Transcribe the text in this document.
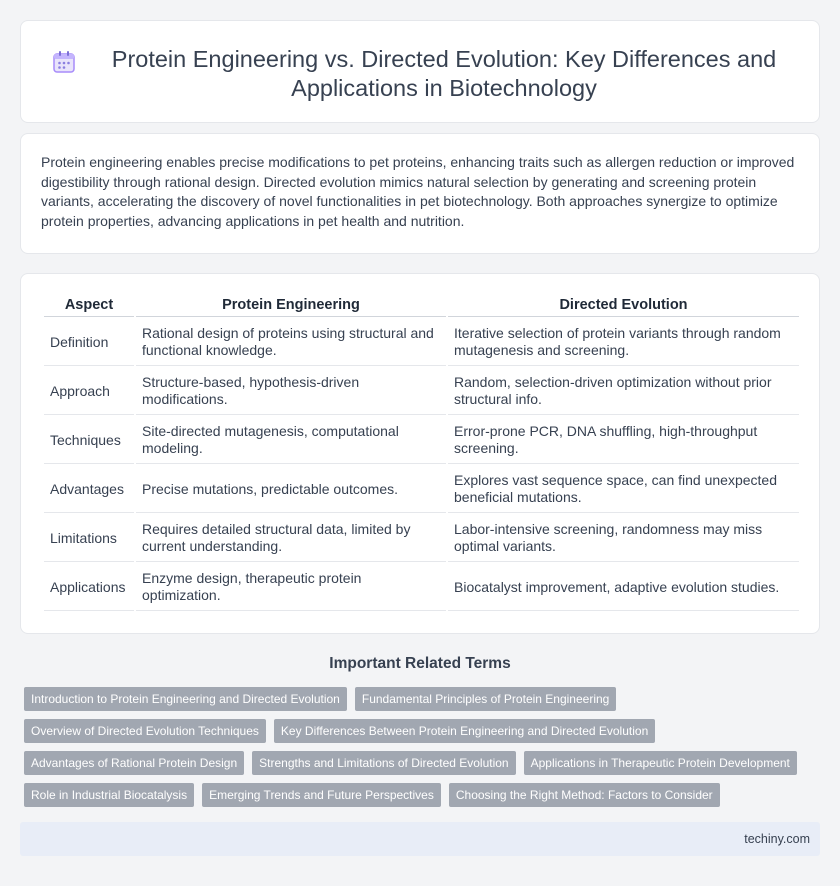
Protein Engineering vs. Directed Evolution: Key Differences and Applications in Biotechnology

Protein engineering enables precise modifications to pet proteins, enhancing traits such as allergen reduction or improved digestibility through rational design. Directed evolution mimics natural selection by generating and screening protein variants, accelerating the discovery of novel functionalities in pet biotechnology. Both approaches synergize to optimize protein properties, advancing applications in pet health and nutrition.

Aspect	Protein Engineering	Directed Evolution
Definition	Rational design of proteins using structural and functional knowledge.	Iterative selection of protein variants through random mutagenesis and screening.
Approach	Structure-based, hypothesis-driven modifications.	Random, selection-driven optimization without prior structural info.
Techniques	Site-directed mutagenesis, computational modeling.	Error-prone PCR, DNA shuffling, high-throughput screening.
Advantages	Precise mutations, predictable outcomes.	Explores vast sequence space, can find unexpected beneficial mutations.
Limitations	Requires detailed structural data, limited by current understanding.	Labor-intensive screening, randomness may miss optimal variants.
Applications	Enzyme design, therapeutic protein optimization.	Biocatalyst improvement, adaptive evolution studies.
Important Related Terms
Introduction to Protein Engineering and Directed Evolution	Fundamental Principles of Protein Engineering
Overview of Directed Evolution Techniques	Key Differences Between Protein Engineering and Directed Evolution
Advantages of Rational Protein Design	Strengths and Limitations of Directed Evolution	Applications in Therapeutic Protein Development
Role in Industrial Biocatalysis	Emerging Trends and Future Perspectives	Choosing the Right Method: Factors to Consider
techiny.com
